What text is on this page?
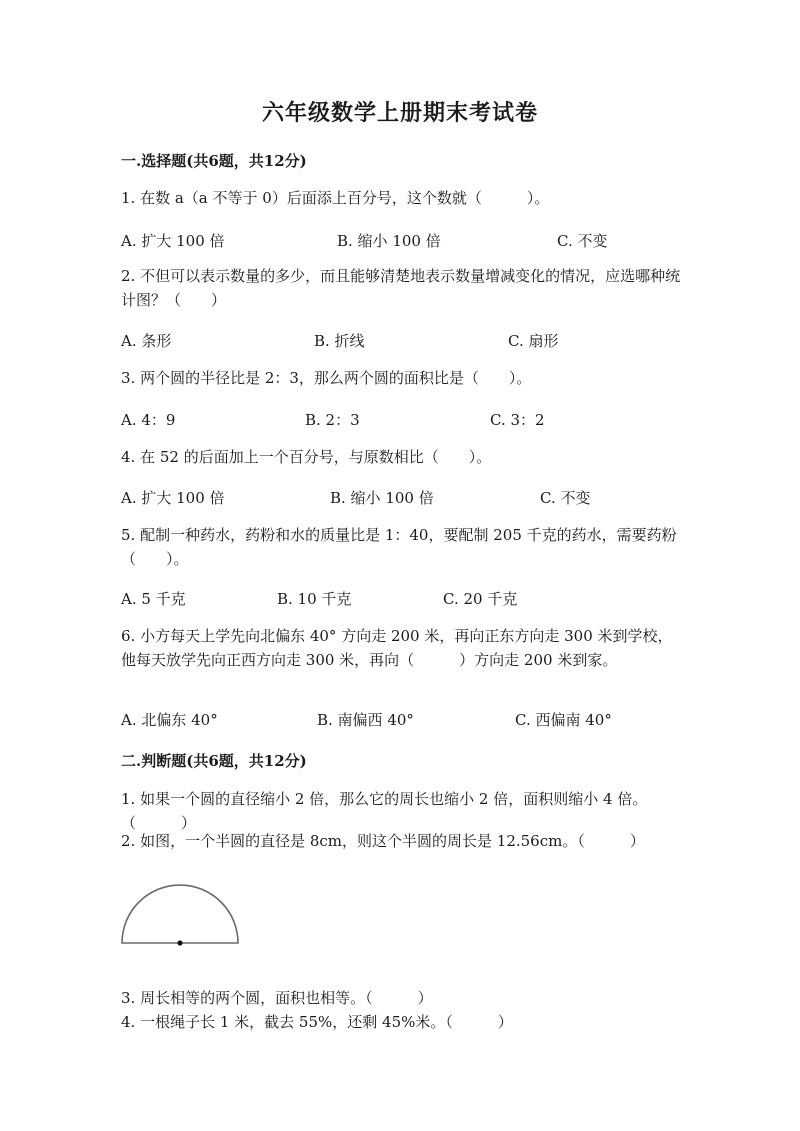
六年级数学上册期末考试卷
一.选择题(共6题，共12分)
1. 在数 a（a 不等于 0）后面添上百分号，这个数就（　　　）。
A. 扩大 100 倍	B. 缩小 100 倍	C. 不变
2. 不但可以表示数量的多少，而且能够清楚地表示数量增减变化的情况，应选哪种统计图？（　　）
A. 条形	B. 折线	C. 扇形
3. 两个圆的半径比是 2：3，那么两个圆的面积比是（　　）。
A. 4：9	B. 2：3	C. 3：2
4. 在 52 的后面加上一个百分号，与原数相比（　　）。
A. 扩大 100 倍	B. 缩小 100 倍	C. 不变
5. 配制一种药水，药粉和水的质量比是 1：40，要配制 205 千克的药水，需要药粉（　　）。
A. 5 千克	B. 10 千克	C. 20 千克
6. 小方每天上学先向北偏东 40° 方向走 200 米，再向正东方向走 300 米到学校，他每天放学先向正西方向走 300 米，再向（　　　）方向走 200 米到家。
A. 北偏东 40°	B. 南偏西 40°	C. 西偏南 40°
二.判断题(共6题，共12分)
1. 如果一个圆的直径缩小 2 倍，那么它的周长也缩小 2 倍，面积则缩小 4 倍。（　　　）
2. 如图，一个半圆的直径是 8cm，则这个半圆的周长是 12.56cm。（　　　）
3. 周长相等的两个圆，面积也相等。（　　　）
4. 一根绳子长 1 米，截去 55%，还剩 45%米。（　　　）
